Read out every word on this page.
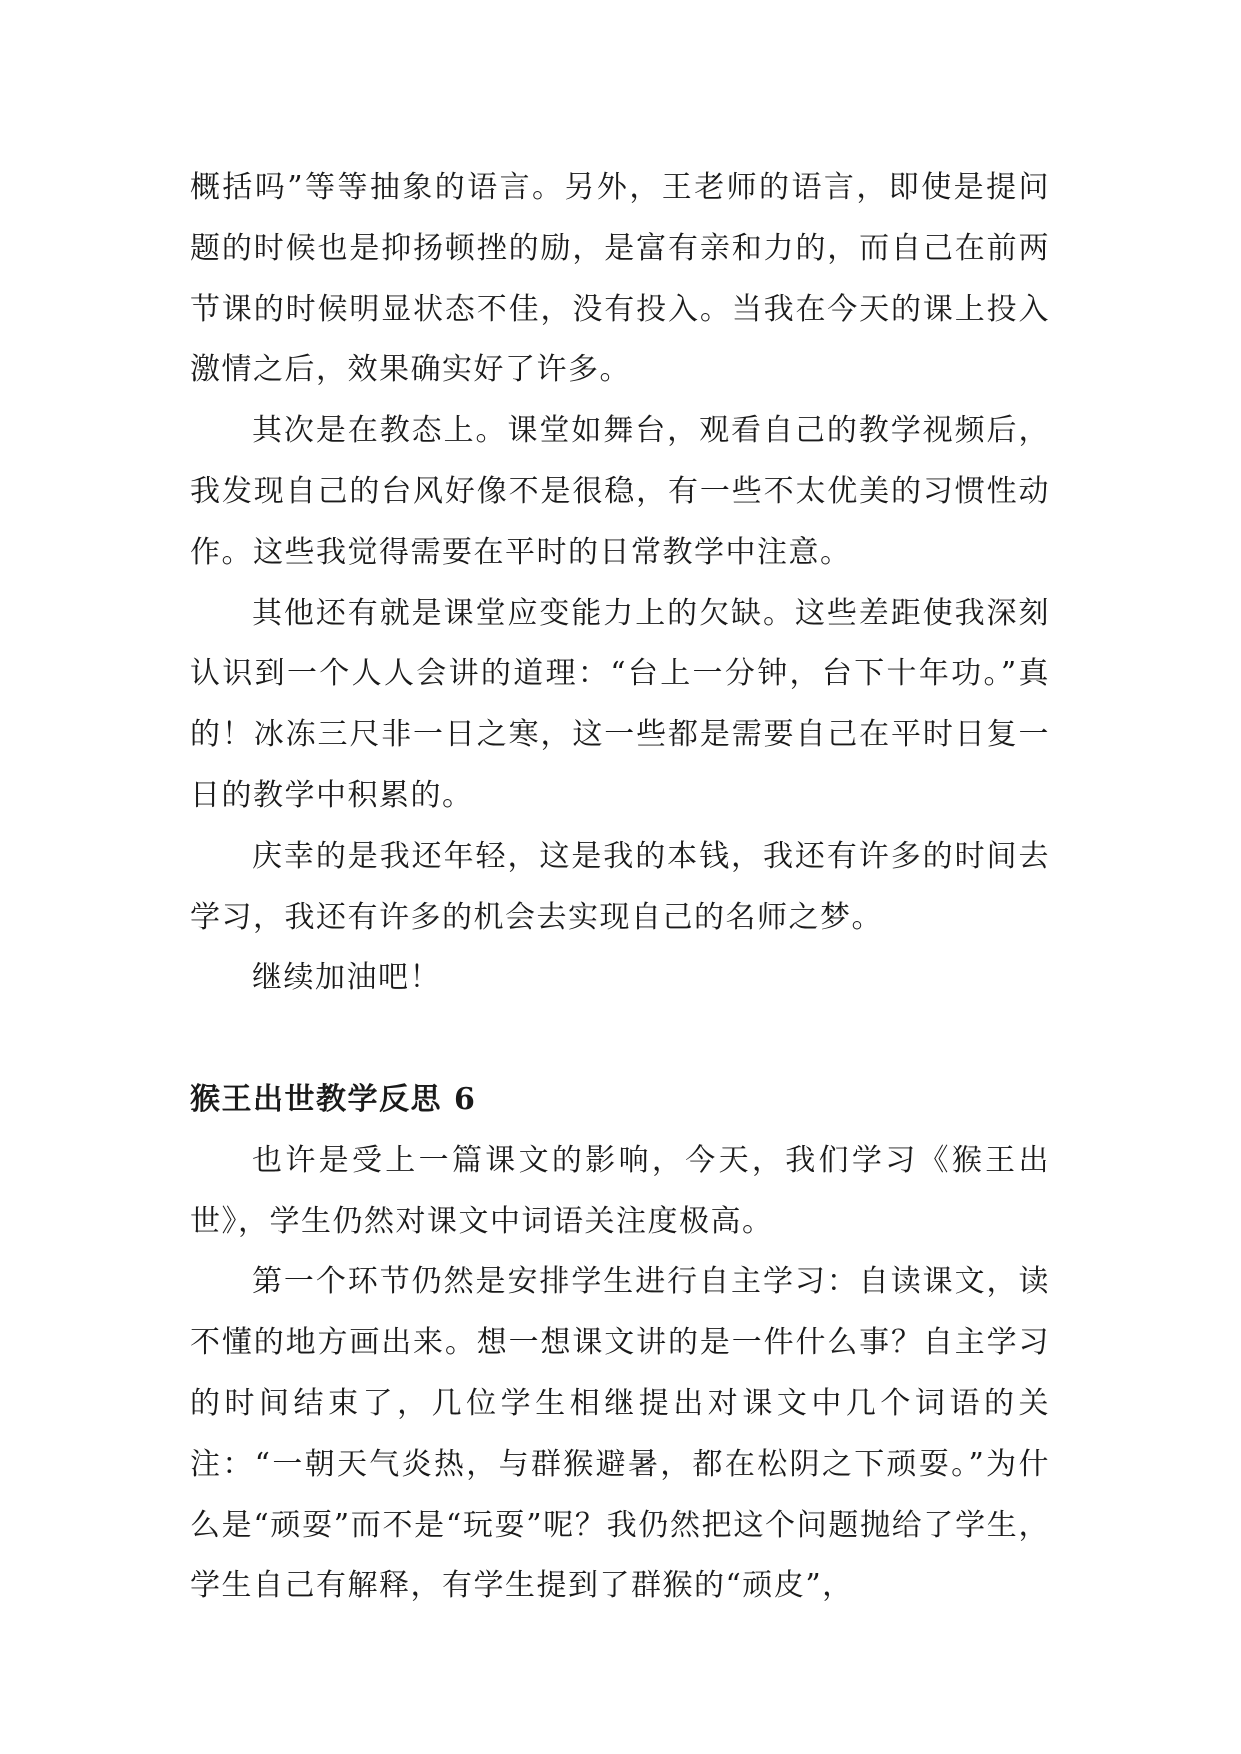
概括吗”等等抽象的语言。另外，王老师的语言，即使是提问题的时候也是抑扬顿挫的励，是富有亲和力的，而自己在前两节课的时候明显状态不佳，没有投入。当我在今天的课上投入激情之后，效果确实好了许多。

其次是在教态上。课堂如舞台，观看自己的教学视频后，我发现自己的台风好像不是很稳，有一些不太优美的习惯性动作。这些我觉得需要在平时的日常教学中注意。

其他还有就是课堂应变能力上的欠缺。这些差距使我深刻认识到一个人人会讲的道理：“台上一分钟，台下十年功。”真的！冰冻三尺非一日之寒，这一些都是需要自己在平时日复一日的教学中积累的。

庆幸的是我还年轻，这是我的本钱，我还有许多的时间去学习，我还有许多的机会去实现自己的名师之梦。

继续加油吧！

猴王出世教学反思 6

也许是受上一篇课文的影响，今天，我们学习《猴王出世》，学生仍然对课文中词语关注度极高。

第一个环节仍然是安排学生进行自主学习：自读课文，读不懂的地方画出来。想一想课文讲的是一件什么事？自主学习的时间结束了，几位学生相继提出对课文中几个词语的关注：“一朝天气炎热，与群猴避暑，都在松阴之下顽耍。”为什么是“顽耍”而不是“玩耍”呢？我仍然把这个问题抛给了学生，学生自己有解释，有学生提到了群猴的“顽皮”，
